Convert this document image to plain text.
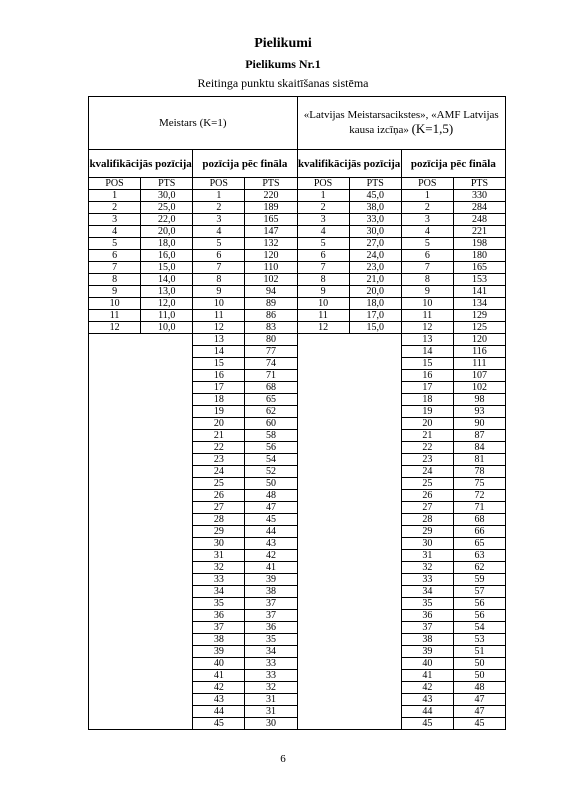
Pielikumi
Pielikums Nr.1
Reitinga punktu skaitīšanas sistēma
Meistars (K=1)				«Latvijas Meistarsacikstes», «AMF Latvijas kausa izcīņa» (K=1,5)			
kvalifikācijās pozīcija		pozīcija pēc fināla		kvalifikācijās pozīcija		pozīcija pēc fināla	
POS	PTS	POS	PTS	POS	PTS	POS	PTS
1	30,0	1	220	1	45,0	1	330
2	25,0	2	189	2	38,0	2	284
3	22,0	3	165	3	33,0	3	248
4	20,0	4	147	4	30,0	4	221
5	18,0	5	132	5	27,0	5	198
6	16,0	6	120	6	24,0	6	180
7	15,0	7	110	7	23,0	7	165
8	14,0	8	102	8	21,0	8	153
9	13,0	9	94	9	20,0	9	141
10	12,0	10	89	10	18,0	10	134
11	11,0	11	86	11	17,0	11	129
12	10,0	12	83	12	15,0	12	125
		13	80			13	120
		14	77			14	116
		15	74			15	111
		16	71			16	107
		17	68			17	102
		18	65			18	98
		19	62			19	93
		20	60			20	90
		21	58			21	87
		22	56			22	84
		23	54			23	81
		24	52			24	78
		25	50			25	75
		26	48			26	72
		27	47			27	71
		28	45			28	68
		29	44			29	66
		30	43			30	65
		31	42			31	63
		32	41			32	62
		33	39			33	59
		34	38			34	57
		35	37			35	56
		36	37			36	56
		37	36			37	54
		38	35			38	53
		39	34			39	51
		40	33			40	50
		41	33			41	50
		42	32			42	48
		43	31			43	47
		44	31			44	47
		45	30			45	45
6
